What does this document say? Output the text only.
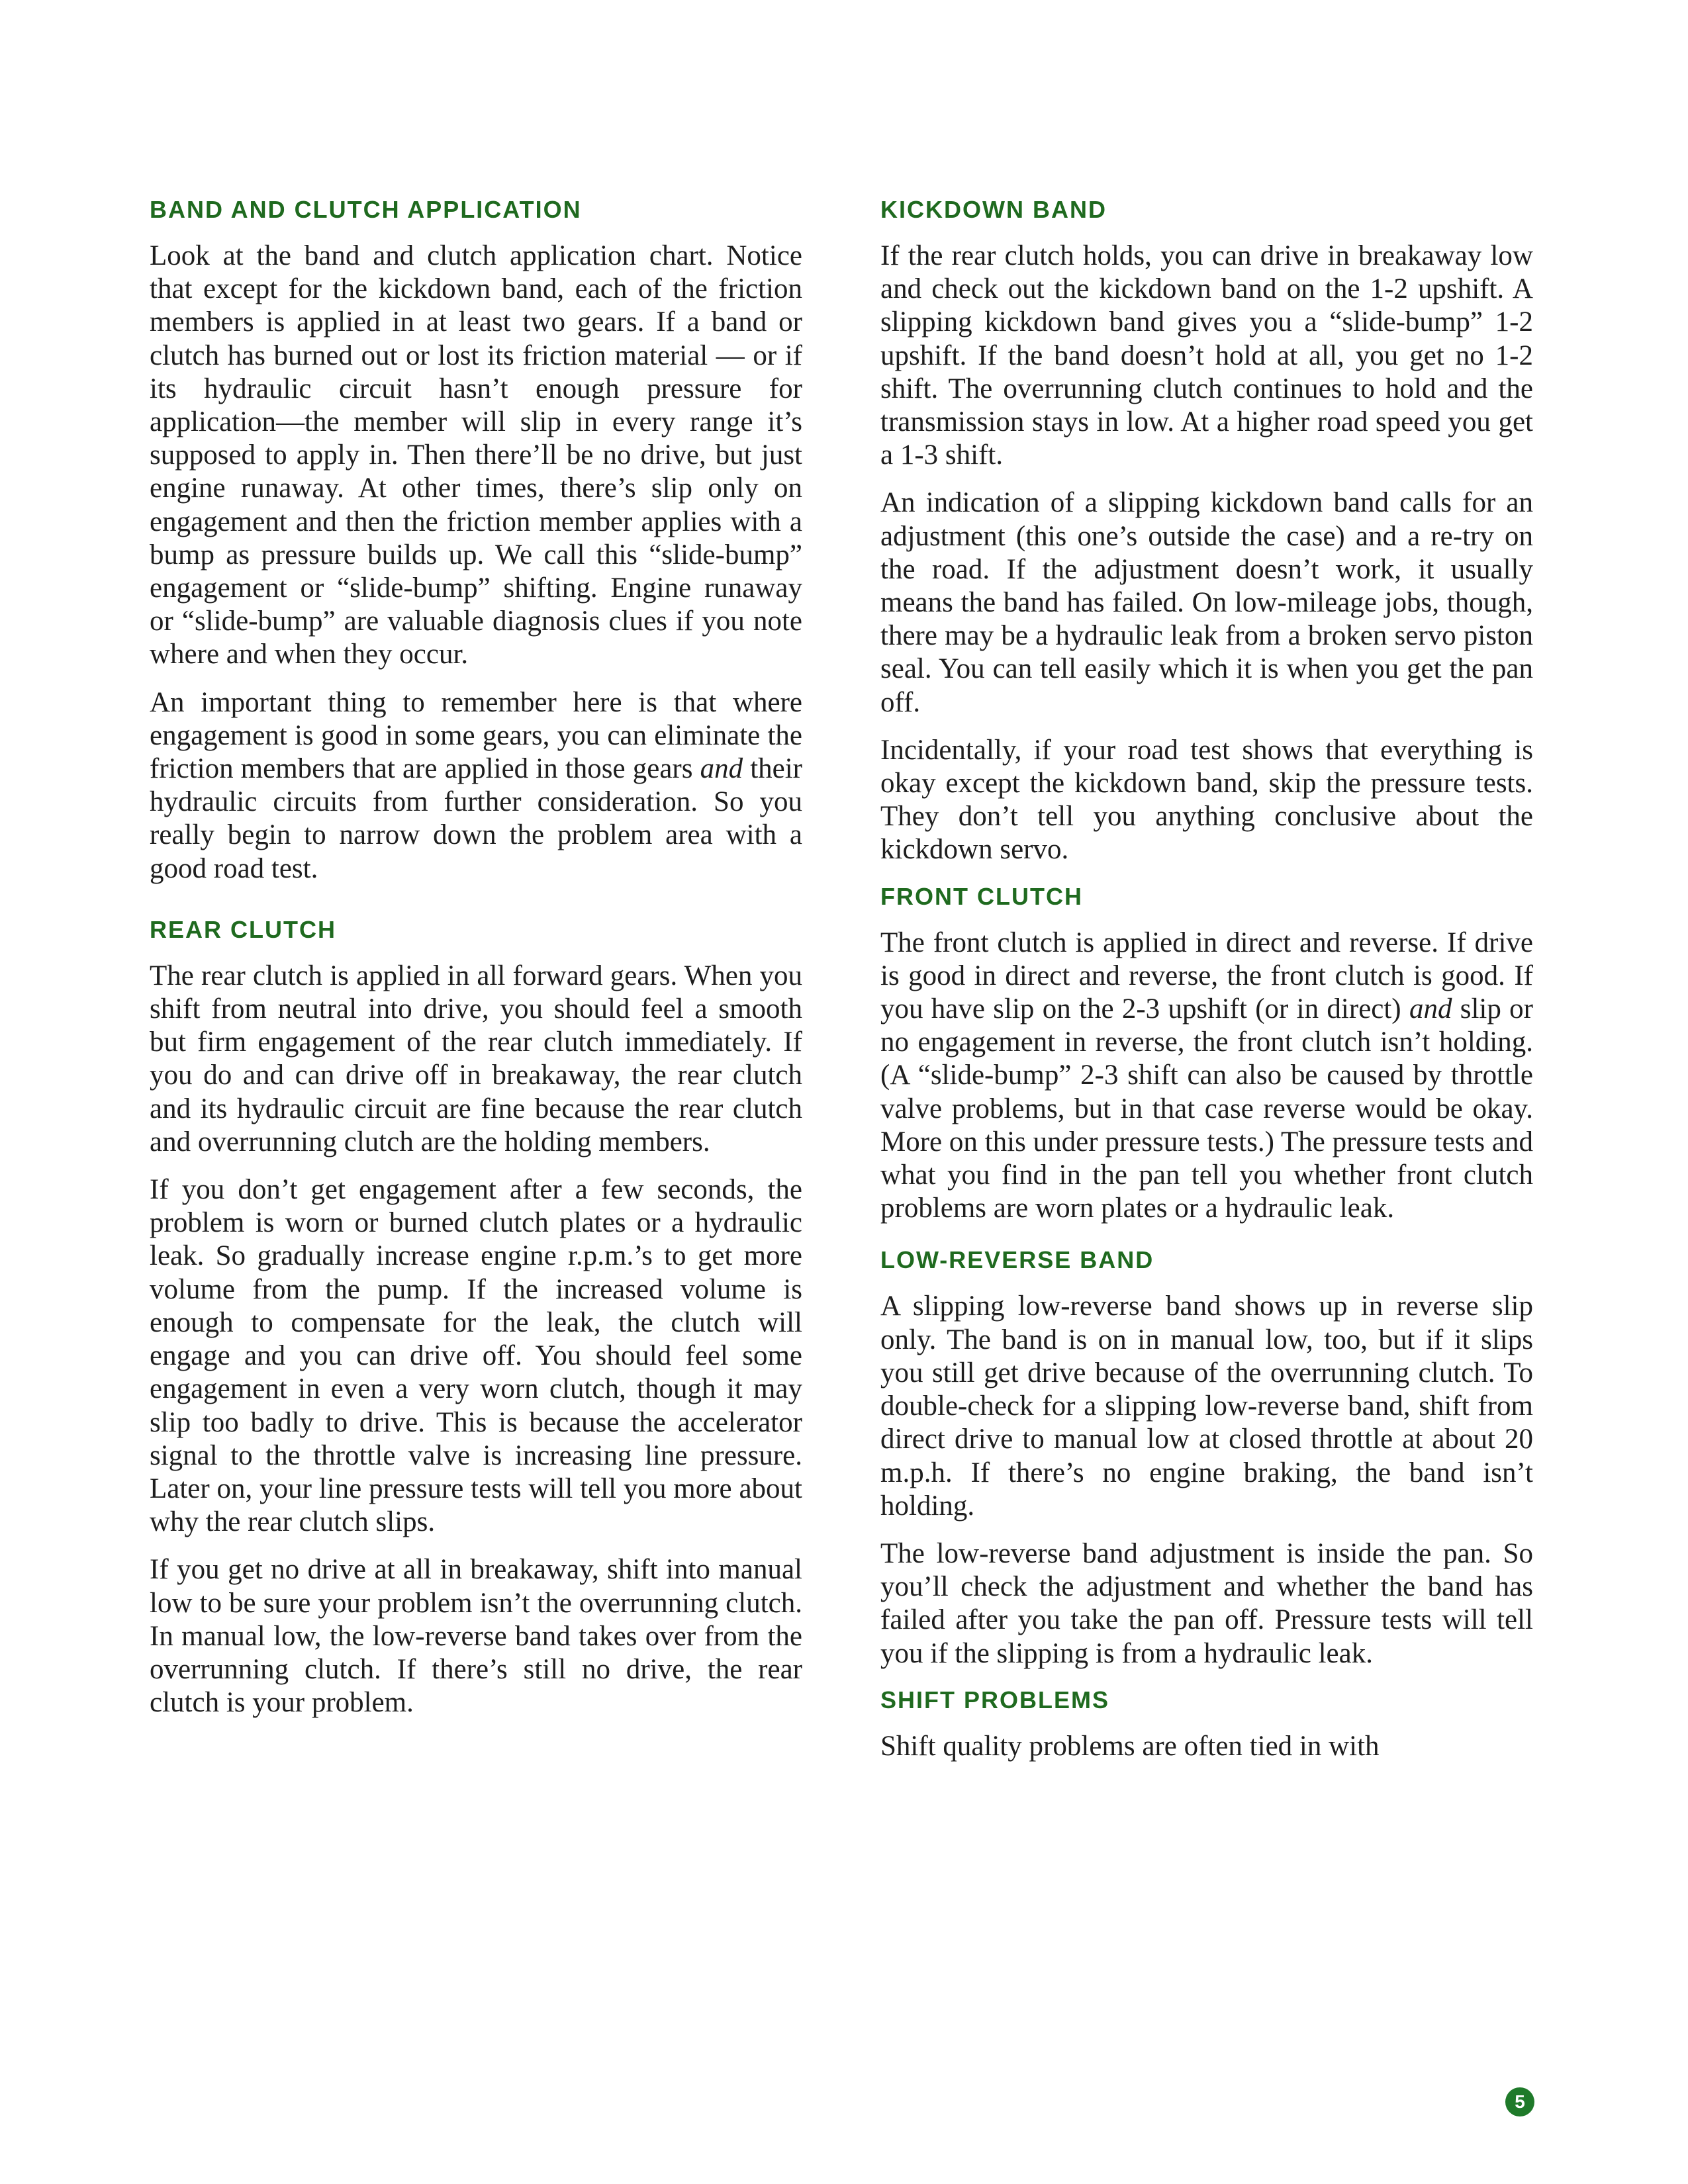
BAND AND CLUTCH APPLICATION

Look at the band and clutch application chart. Notice that except for the kickdown band, each of the friction members is applied in at least two gears. If a band or clutch has burned out or lost its friction material — or if its hydraulic circuit hasn’t enough pressure for application—the member will slip in every range it’s supposed to apply in. Then there’ll be no drive, but just engine runaway. At other times, there’s slip only on engagement and then the friction member applies with a bump as pressure builds up. We call this “slide-bump” engagement or “slide-bump” shifting. Engine runaway or “slide-bump” are valuable diagnosis clues if you note where and when they occur.

An important thing to remember here is that where engagement is good in some gears, you can eliminate the friction members that are applied in those gears and their hydraulic circuits from further consideration. So you really begin to narrow down the problem area with a good road test.

REAR CLUTCH

The rear clutch is applied in all forward gears. When you shift from neutral into drive, you should feel a smooth but firm engagement of the rear clutch immediately. If you do and can drive off in breakaway, the rear clutch and its hydraulic circuit are fine because the rear clutch and overrunning clutch are the holding members.

If you don’t get engagement after a few seconds, the problem is worn or burned clutch plates or a hydraulic leak. So gradually increase engine r.p.m.’s to get more volume from the pump. If the increased volume is enough to compensate for the leak, the clutch will engage and you can drive off. You should feel some engagement in even a very worn clutch, though it may slip too badly to drive. This is because the accelerator signal to the throttle valve is increasing line pressure. Later on, your line pressure tests will tell you more about why the rear clutch slips.

If you get no drive at all in breakaway, shift into manual low to be sure your problem isn’t the overrunning clutch. In manual low, the low-reverse band takes over from the overrunning clutch. If there’s still no drive, the rear clutch is your problem.

KICKDOWN BAND

If the rear clutch holds, you can drive in breakaway low and check out the kickdown band on the 1-2 upshift. A slipping kickdown band gives you a “slide-bump” 1-2 upshift. If the band doesn’t hold at all, you get no 1-2 shift. The overrunning clutch continues to hold and the transmission stays in low. At a higher road speed you get a 1-3 shift.

An indication of a slipping kickdown band calls for an adjustment (this one’s outside the case) and a re-try on the road. If the adjustment doesn’t work, it usually means the band has failed. On low-mileage jobs, though, there may be a hydraulic leak from a broken servo piston seal. You can tell easily which it is when you get the pan off.

Incidentally, if your road test shows that everything is okay except the kickdown band, skip the pressure tests. They don’t tell you anything conclusive about the kickdown servo.

FRONT CLUTCH

The front clutch is applied in direct and reverse. If drive is good in direct and reverse, the front clutch is good. If you have slip on the 2-3 upshift (or in direct) and slip or no engagement in reverse, the front clutch isn’t holding. (A “slide-bump” 2-3 shift can also be caused by throttle valve problems, but in that case reverse would be okay. More on this under pressure tests.) The pressure tests and what you find in the pan tell you whether front clutch problems are worn plates or a hydraulic leak.

LOW-REVERSE BAND

A slipping low-reverse band shows up in reverse slip only. The band is on in manual low, too, but if it slips you still get drive because of the overrunning clutch. To double-check for a slipping low-reverse band, shift from direct drive to manual low at closed throttle at about 20 m.p.h. If there’s no engine braking, the band isn’t holding.

The low-reverse band adjustment is inside the pan. So you’ll check the adjustment and whether the band has failed after you take the pan off. Pressure tests will tell you if the slipping is from a hydraulic leak.

SHIFT PROBLEMS

Shift quality problems are often tied in with

5
